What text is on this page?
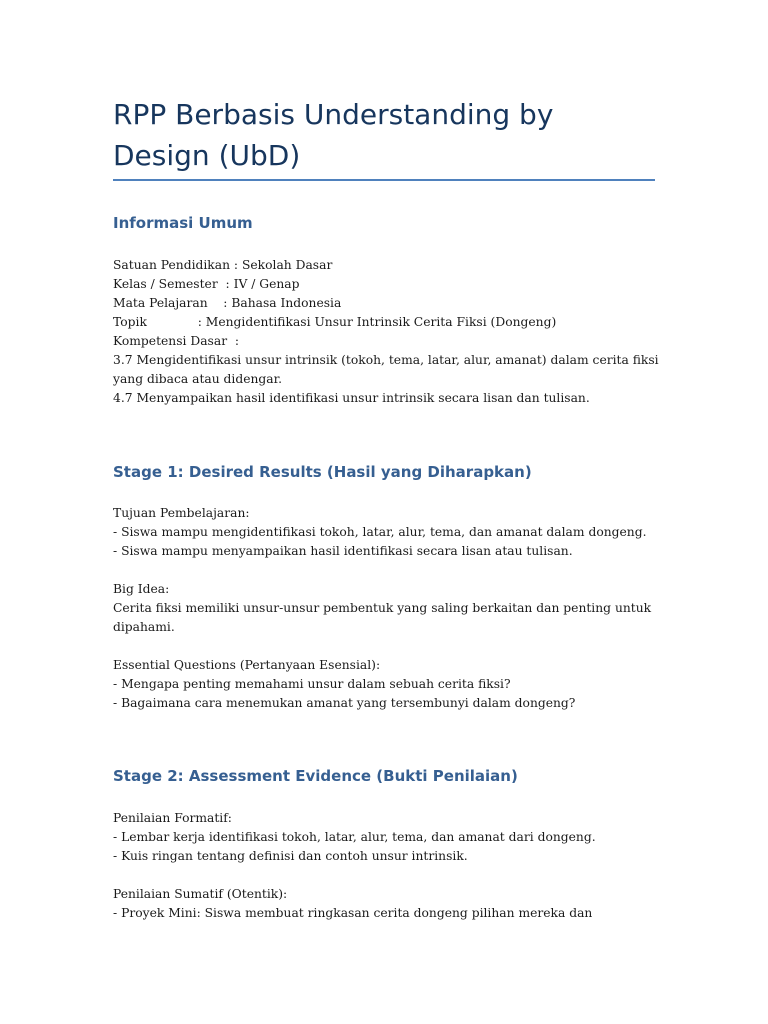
RPP Berbasis Understanding by Design (UbD)
Informasi Umum
Satuan Pendidikan : Sekolah Dasar
Kelas / Semester  : IV / Genap
Mata Pelajaran    : Bahasa Indonesia
Topik             : Mengidentifikasi Unsur Intrinsik Cerita Fiksi (Dongeng)
Kompetensi Dasar  :
3.7 Mengidentifikasi unsur intrinsik (tokoh, tema, latar, alur, amanat) dalam cerita fiksi
yang dibaca atau didengar.
4.7 Menyampaikan hasil identifikasi unsur intrinsik secara lisan dan tulisan.
Stage 1: Desired Results (Hasil yang Diharapkan)
Tujuan Pembelajaran:
- Siswa mampu mengidentifikasi tokoh, latar, alur, tema, dan amanat dalam dongeng.
- Siswa mampu menyampaikan hasil identifikasi secara lisan atau tulisan.
Big Idea:
Cerita fiksi memiliki unsur-unsur pembentuk yang saling berkaitan dan penting untuk
dipahami.
Essential Questions (Pertanyaan Esensial):
- Mengapa penting memahami unsur dalam sebuah cerita fiksi?
- Bagaimana cara menemukan amanat yang tersembunyi dalam dongeng?
Stage 2: Assessment Evidence (Bukti Penilaian)
Penilaian Formatif:
- Lembar kerja identifikasi tokoh, latar, alur, tema, dan amanat dari dongeng.
- Kuis ringan tentang definisi dan contoh unsur intrinsik.
Penilaian Sumatif (Otentik):
- Proyek Mini: Siswa membuat ringkasan cerita dongeng pilihan mereka dan
